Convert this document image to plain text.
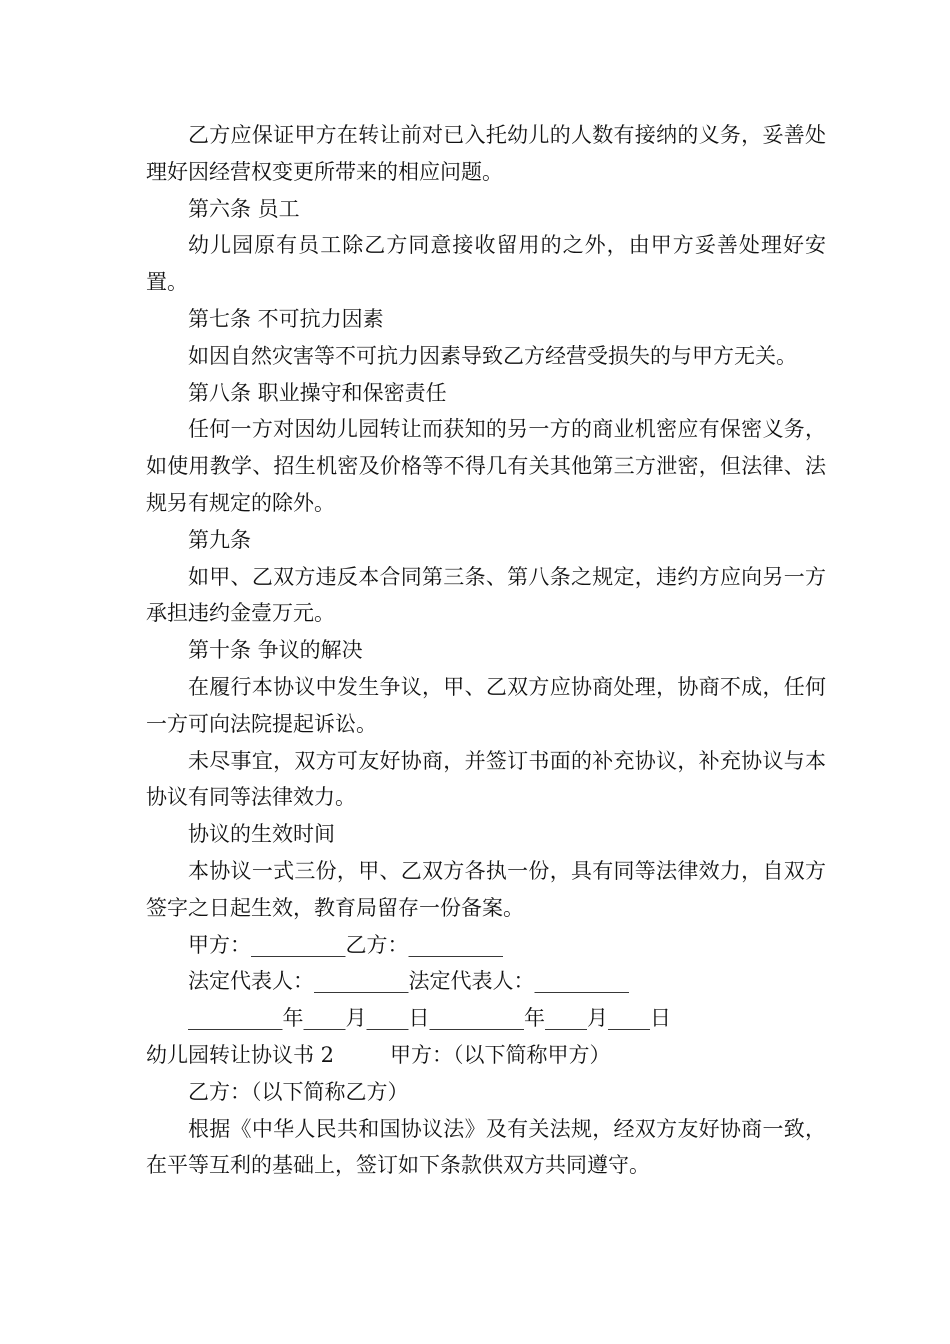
乙方应保证甲方在转让前对已入托幼儿的人数有接纳的义务，妥善处理好因经营权变更所带来的相应问题。

第六条 员工

幼儿园原有员工除乙方同意接收留用的之外，由甲方妥善处理好安置。

第七条 不可抗力因素

如因自然灾害等不可抗力因素导致乙方经营受损失的与甲方无关。

第八条 职业操守和保密责任

任何一方对因幼儿园转让而获知的另一方的商业机密应有保密义务，如使用教学、招生机密及价格等不得几有关其他第三方泄密，但法律、法规另有规定的除外。

第九条

如甲、乙双方违反本合同第三条、第八条之规定，违约方应向另一方承担违约金壹万元。

第十条 争议的解决

在履行本协议中发生争议，甲、乙双方应协商处理，协商不成，任何一方可向法院提起诉讼。

未尽事宜，双方可友好协商，并签订书面的补充协议，补充协议与本协议有同等法律效力。

协议的生效时间

本协议一式三份，甲、乙双方各执一份，具有同等法律效力，自双方签字之日起生效，教育局留存一份备案。

甲方：_________乙方：_________

法定代表人：_________法定代表人：_________

_________年____月____日_________年____月____日

幼儿园转让协议书 2	甲方：（以下简称甲方）

乙方：（以下简称乙方）

根据《中华人民共和国协议法》及有关法规，经双方友好协商一致，在平等互利的基础上，签订如下条款供双方共同遵守。
